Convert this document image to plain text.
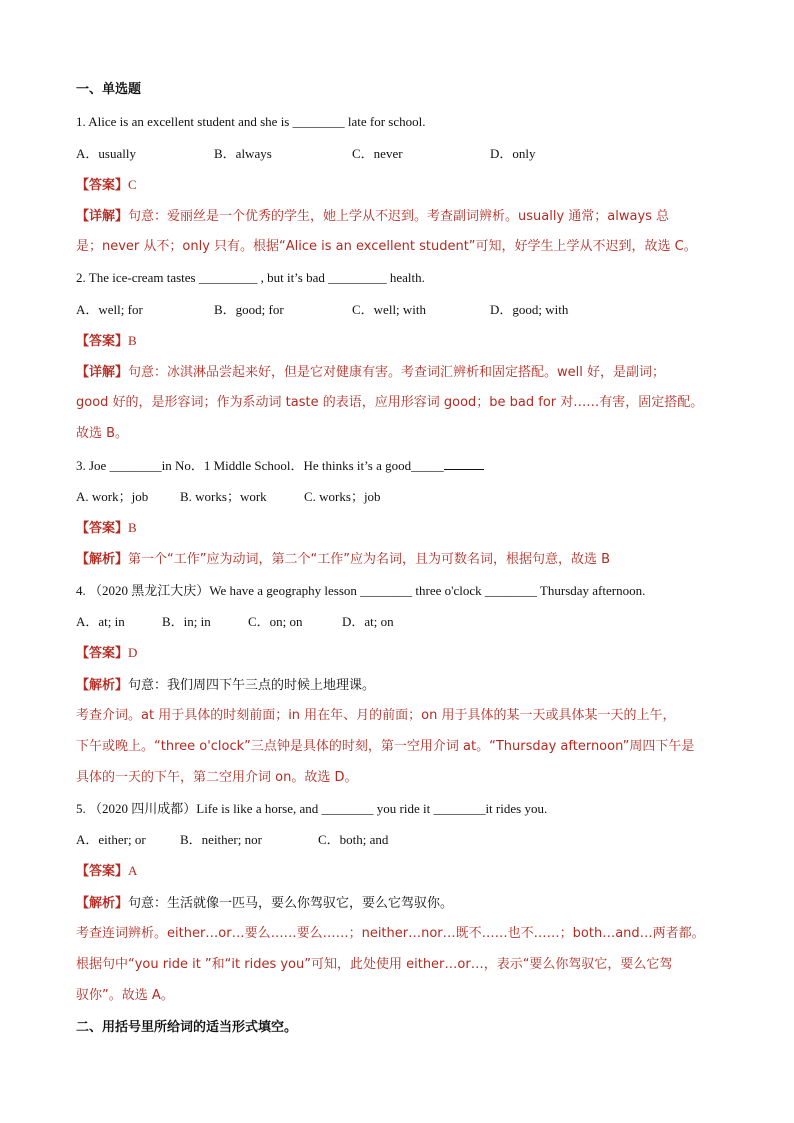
一、单选题
1. Alice is an excellent student and she is ________ late for school.
A．usually	B．always	C．never	D．only
【答案】C
【详解】句意：爱丽丝是一个优秀的学生，她上学从不迟到。考查副词辨析。usually 通常；always 总
是；never 从不；only 只有。根据“Alice is an excellent student”可知，好学生上学从不迟到，故选 C。
2. The ice-cream tastes _________ , but it’s bad _________ health.
A．well; for	B．good; for	C．well; with	D．good; with
【答案】B
【详解】句意：冰淇淋品尝起来好，但是它对健康有害。考查词汇辨析和固定搭配。well 好，是副词；
good 好的，是形容词；作为系动词 taste 的表语，应用形容词 good；be bad for 对……有害，固定搭配。
故选 B。
3. Joe ________in No．1 Middle School．He thinks it’s a good_____
A. work；job B. works；work	C. works；job
【答案】B
【解析】第一个“工作”应为动词，第二个“工作”应为名词，且为可数名词，根据句意，故选 B
4. （2020 黑龙江大庆）We have a geography lesson ________ three o'clock ________ Thursday afternoon.
A．at; in	B．in; in	C．on; on	D．at; on
【答案】D
【解析】句意：我们周四下午三点的时候上地理课。
考查介词。at 用于具体的时刻前面；in 用在年、月的前面；on 用于具体的某一天或具体某一天的上午，
下午或晚上。“three o'clock”三点钟是具体的时刻，第一空用介词 at。“Thursday afternoon”周四下午是
具体的一天的下午，第二空用介词 on。故选 D。
5. （2020 四川成都）Life is like a horse, and ________ you ride it ________it rides you.
A．either; or	B．neither; nor	C．both; and
【答案】A
【解析】句意：生活就像一匹马，要么你驾驭它，要么它驾驭你。
考查连词辨析。either…or…要么……要么……；neither…nor…既不……也不……；both…and…两者都。
根据句中“you ride it ”和“it rides you”可知，此处使用 either…or…，表示“要么你驾驭它，要么它驾
驭你”。故选 A。
二、用括号里所给词的适当形式填空。
